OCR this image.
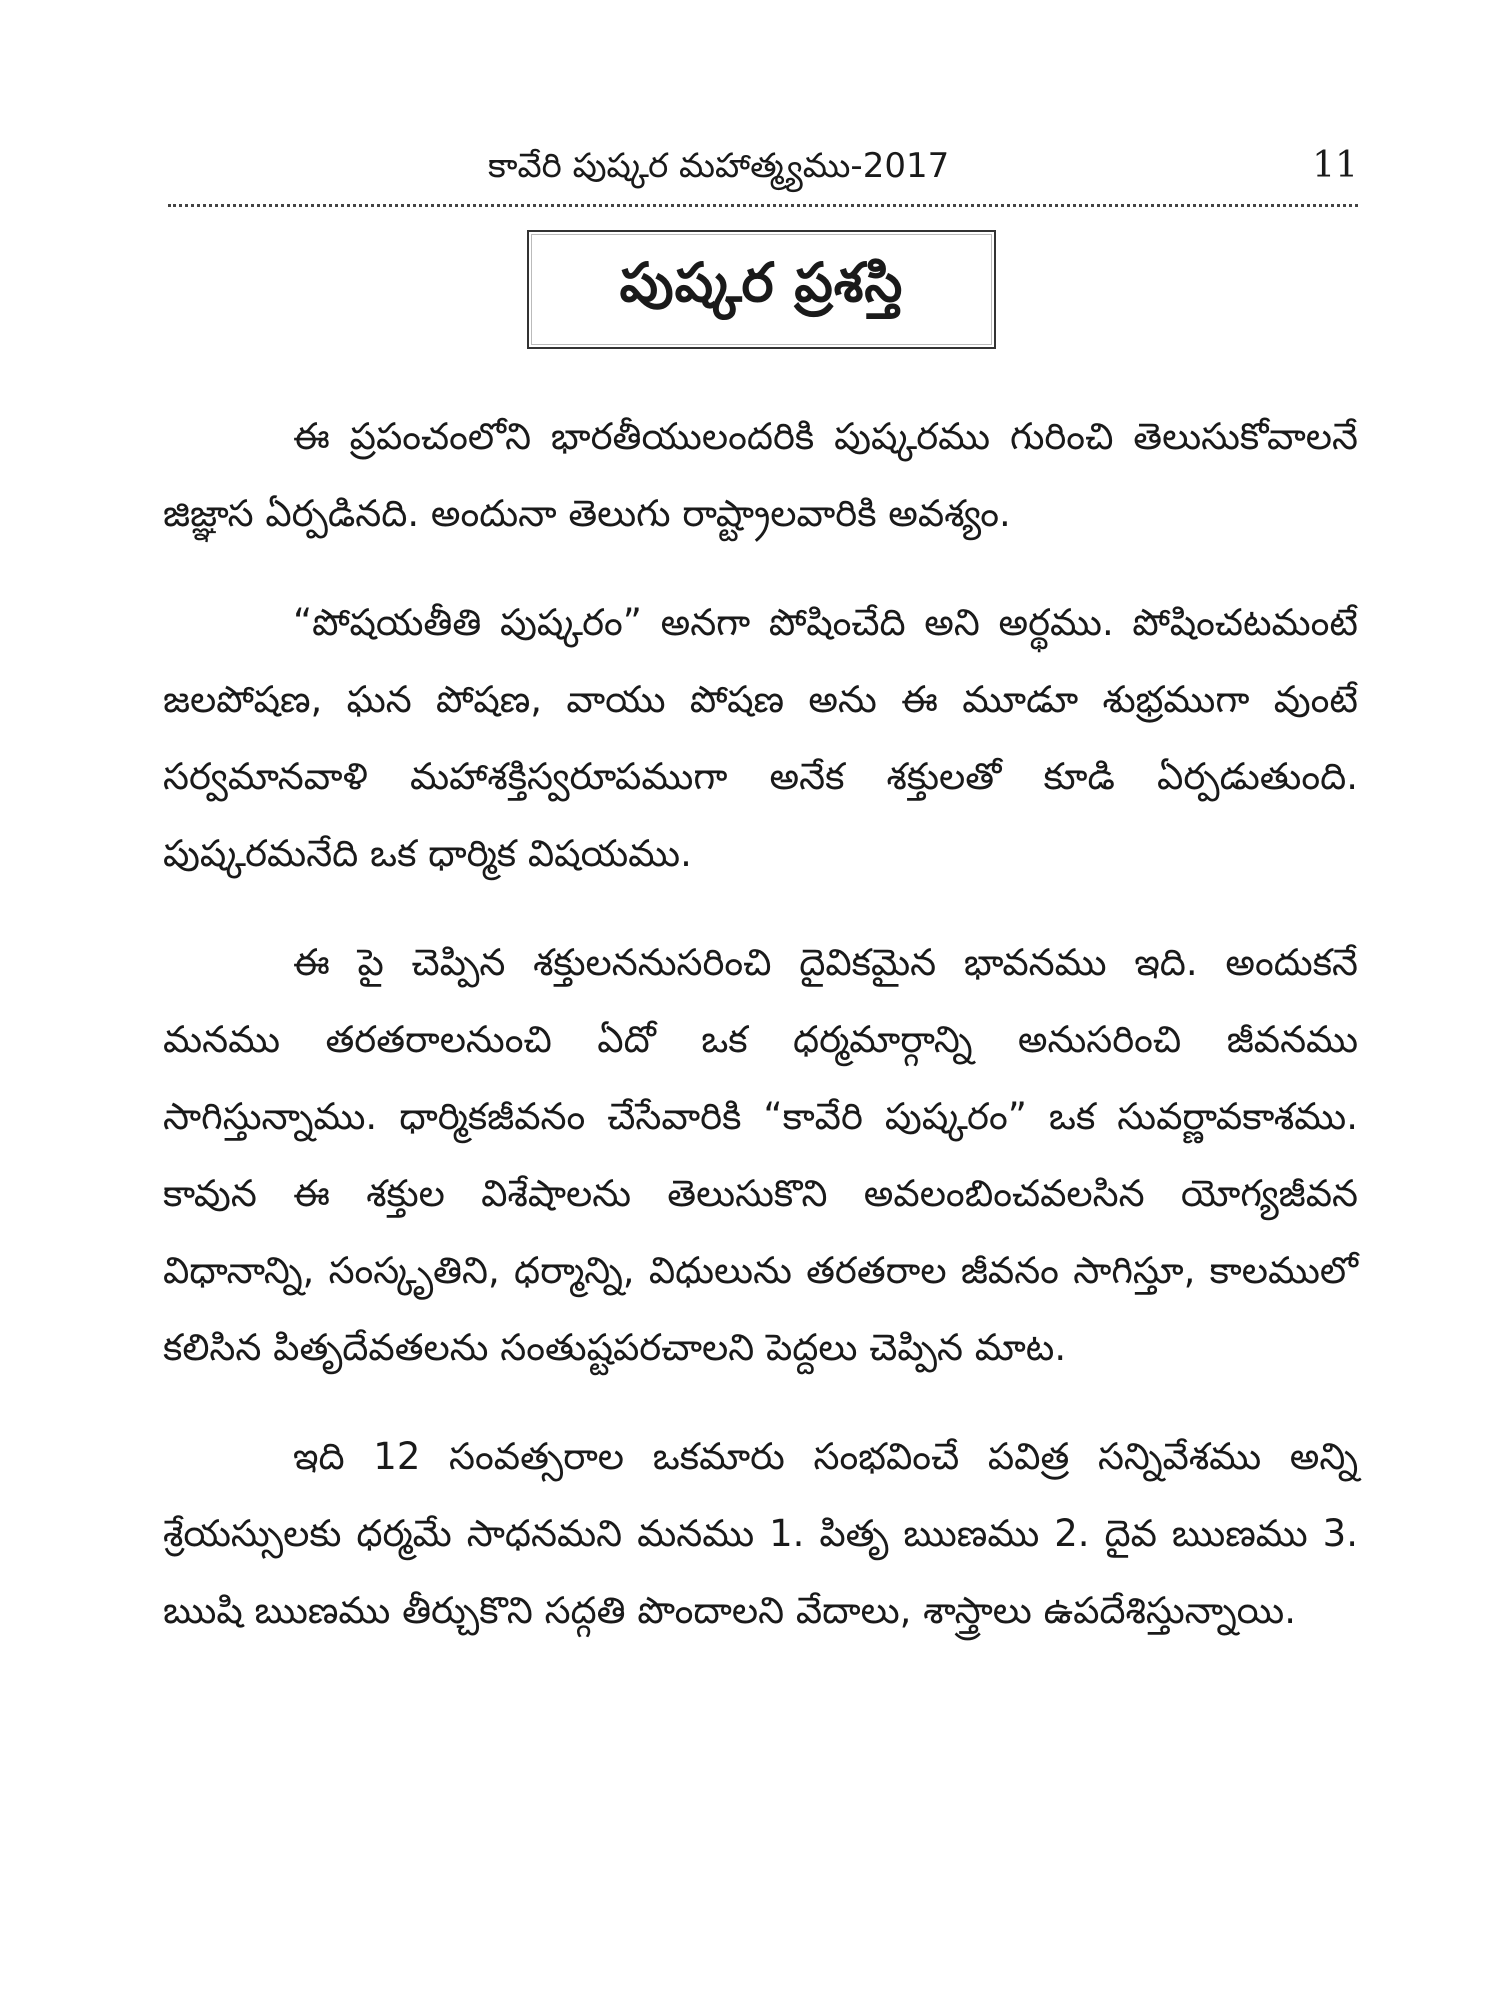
కావేరి పుష్కర మహాత్మ్యము-2017	11
పుష్కర ప్రశస్తి

ఈ ప్రపంచంలోని భారతీయులందరికి పుష్కరము గురించి తెలుసుకోవాలనే జిజ్ఞాస ఏర్పడినది. అందునా తెలుగు రాష్ట్రాలవారికి అవశ్యం.

“పోషయతీతి పుష్కరం” అనగా పోషించేది అని అర్థము. పోషించటమంటే జలపోషణ, ఘన పోషణ, వాయు పోషణ అను ఈ మూడూ శుభ్రముగా వుంటే సర్వమానవాళి మహాశక్తిస్వరూపముగా అనేక శక్తులతో కూడి ఏర్పడుతుంది. పుష్కరమనేది ఒక ధార్మిక విషయము.

ఈ పై చెప్పిన శక్తులననుసరించి దైవికమైన భావనము ఇది. అందుకనే మనము తరతరాలనుంచి ఏదో ఒక ధర్మమార్గాన్ని అనుసరించి జీవనము సాగిస్తున్నాము. ధార్మికజీవనం చేసేవారికి “కావేరి పుష్కరం” ఒక సువర్ణావకాశము. కావున ఈ శక్తుల విశేషాలను తెలుసుకొని అవలంబించవలసిన యోగ్యజీవన విధానాన్ని, సంస్కృతిని, ధర్మాన్ని, విధులును తరతరాల జీవనం సాగిస్తూ, కాలములో కలిసిన పితృదేవతలను సంతుష్టపరచాలని పెద్దలు చెప్పిన మాట.

ఇది 12 సంవత్సరాల ఒకమారు సంభవించే పవిత్ర సన్నివేశము అన్ని శ్రేయస్సులకు ధర్మమే సాధనమని మనము 1. పితృ ఋణము 2. దైవ ఋణము 3. ఋషి ఋణము తీర్చుకొని సద్గతి పొందాలని వేదాలు, శాస్త్రాలు ఉపదేశిస్తున్నాయి.
